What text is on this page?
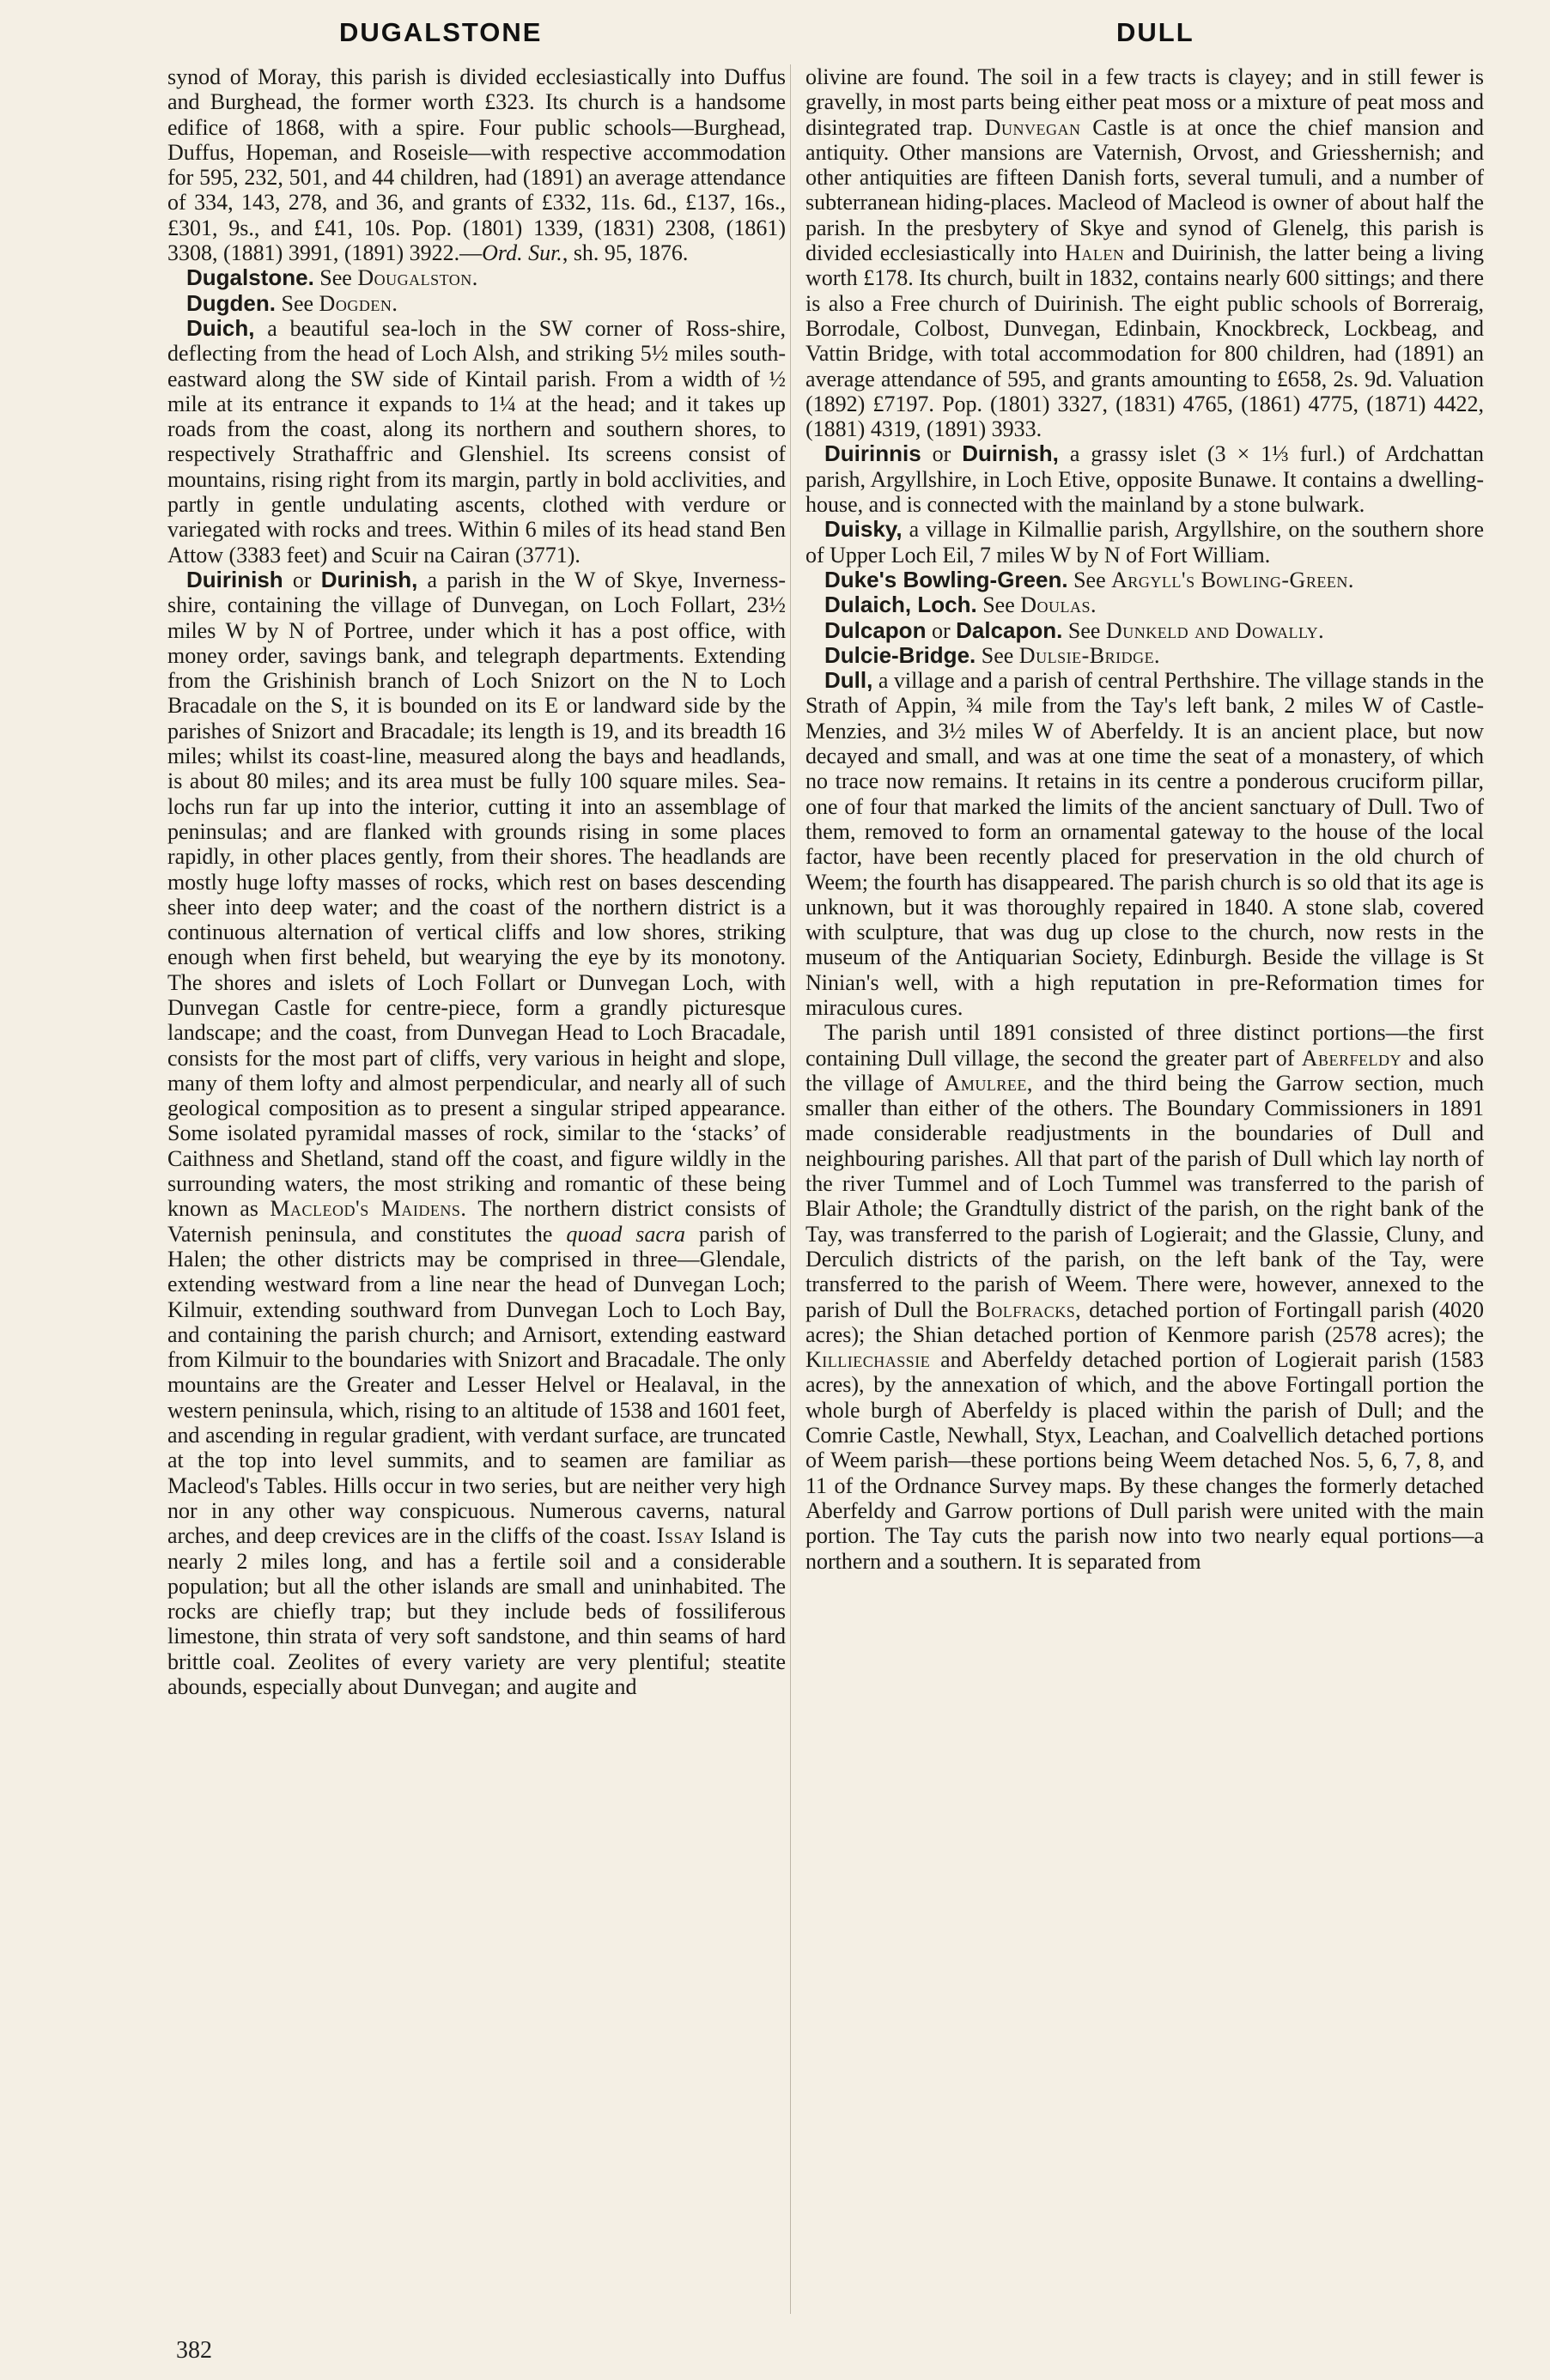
DUGALSTONE	DULL

synod of Moray, this parish is divided ecclesiastically into Duffus and Burghead, the former worth £323. Its church is a handsome edifice of 1868, with a spire. Four public schools—Burghead, Duffus, Hopeman, and Roseisle—with respective accommodation for 595, 232, 501, and 44 children, had (1891) an average attendance of 334, 143, 278, and 36, and grants of £332, 11s. 6d., £137, 16s., £301, 9s., and £41, 10s. Pop. (1801) 1339, (1831) 2308, (1861) 3308, (1881) 3991, (1891) 3922.—Ord. Sur., sh. 95, 1876.

Dugalstone. See Dougalston.

Dugden. See Dogden.

Duich, a beautiful sea-loch in the SW corner of Ross-shire, deflecting from the head of Loch Alsh, and striking 5½ miles south-eastward along the SW side of Kintail parish. From a width of ½ mile at its entrance it expands to 1¼ at the head; and it takes up roads from the coast, along its northern and southern shores, to respectively Strathaffric and Glenshiel. Its screens consist of mountains, rising right from its margin, partly in bold acclivities, and partly in gentle undulating ascents, clothed with verdure or variegated with rocks and trees. Within 6 miles of its head stand Ben Attow (3383 feet) and Scuir na Cairan (3771).

Duirinish or Durinish, a parish in the W of Skye, Inverness-shire, containing the village of Dunvegan, on Loch Follart, 23½ miles W by N of Portree, under which it has a post office, with money order, savings bank, and telegraph departments. Extending from the Grishinish branch of Loch Snizort on the N to Loch Bracadale on the S, it is bounded on its E or landward side by the parishes of Snizort and Bracadale; its length is 19, and its breadth 16 miles; whilst its coast-line, measured along the bays and headlands, is about 80 miles; and its area must be fully 100 square miles. Sea-lochs run far up into the interior, cutting it into an assemblage of peninsulas; and are flanked with grounds rising in some places rapidly, in other places gently, from their shores. The headlands are mostly huge lofty masses of rocks, which rest on bases descending sheer into deep water; and the coast of the northern district is a continuous alternation of vertical cliffs and low shores, striking enough when first beheld, but wearying the eye by its monotony. The shores and islets of Loch Follart or Dunvegan Loch, with Dunvegan Castle for centre-piece, form a grandly picturesque landscape; and the coast, from Dunvegan Head to Loch Bracadale, consists for the most part of cliffs, very various in height and slope, many of them lofty and almost perpendicular, and nearly all of such geological composition as to present a singular striped appearance. Some isolated pyramidal masses of rock, similar to the ‘stacks’ of Caithness and Shetland, stand off the coast, and figure wildly in the surrounding waters, the most striking and romantic of these being known as Macleod's Maidens. The northern district consists of Vaternish peninsula, and constitutes the quoad sacra parish of Halen; the other districts may be comprised in three—Glendale, extending westward from a line near the head of Dunvegan Loch; Kilmuir, extending southward from Dunvegan Loch to Loch Bay, and containing the parish church; and Arnisort, extending eastward from Kilmuir to the boundaries with Snizort and Bracadale. The only mountains are the Greater and Lesser Helvel or Healaval, in the western peninsula, which, rising to an altitude of 1538 and 1601 feet, and ascending in regular gradient, with verdant surface, are truncated at the top into level summits, and to seamen are familiar as Macleod's Tables. Hills occur in two series, but are neither very high nor in any other way conspicuous. Numerous caverns, natural arches, and deep crevices are in the cliffs of the coast. Issay Island is nearly 2 miles long, and has a fertile soil and a considerable population; but all the other islands are small and uninhabited. The rocks are chiefly trap; but they include beds of fossiliferous limestone, thin strata of very soft sandstone, and thin seams of hard brittle coal. Zeolites of every variety are very plentiful; steatite abounds, especially about Dunvegan; and augite and

olivine are found. The soil in a few tracts is clayey; and in still fewer is gravelly, in most parts being either peat moss or a mixture of peat moss and disintegrated trap. Dunvegan Castle is at once the chief mansion and antiquity. Other mansions are Vaternish, Orvost, and Griesshernish; and other antiquities are fifteen Danish forts, several tumuli, and a number of subterranean hiding-places. Macleod of Macleod is owner of about half the parish. In the presbytery of Skye and synod of Glenelg, this parish is divided ecclesiastically into Halen and Duirinish, the latter being a living worth £178. Its church, built in 1832, contains nearly 600 sittings; and there is also a Free church of Duirinish. The eight public schools of Borreraig, Borrodale, Colbost, Dunvegan, Edinbain, Knockbreck, Lockbeag, and Vattin Bridge, with total accommodation for 800 children, had (1891) an average attendance of 595, and grants amounting to £658, 2s. 9d. Valuation (1892) £7197. Pop. (1801) 3327, (1831) 4765, (1861) 4775, (1871) 4422, (1881) 4319, (1891) 3933.

Duirinnis or Duirnish, a grassy islet (3 × 1⅓ furl.) of Ardchattan parish, Argyllshire, in Loch Etive, opposite Bunawe. It contains a dwelling-house, and is connected with the mainland by a stone bulwark.

Duisky, a village in Kilmallie parish, Argyllshire, on the southern shore of Upper Loch Eil, 7 miles W by N of Fort William.

Duke's Bowling-Green. See Argyll's Bowling-Green.

Dulaich, Loch. See Doulas.

Dulcapon or Dalcapon. See Dunkeld and Dowally.

Dulcie-Bridge. See Dulsie-Bridge.

Dull, a village and a parish of central Perthshire. The village stands in the Strath of Appin, ¾ mile from the Tay's left bank, 2 miles W of Castle-Menzies, and 3½ miles W of Aberfeldy. It is an ancient place, but now decayed and small, and was at one time the seat of a monastery, of which no trace now remains. It retains in its centre a ponderous cruciform pillar, one of four that marked the limits of the ancient sanctuary of Dull. Two of them, removed to form an ornamental gateway to the house of the local factor, have been recently placed for preservation in the old church of Weem; the fourth has disappeared. The parish church is so old that its age is unknown, but it was thoroughly repaired in 1840. A stone slab, covered with sculpture, that was dug up close to the church, now rests in the museum of the Antiquarian Society, Edinburgh. Beside the village is St Ninian's well, with a high reputation in pre-Reformation times for miraculous cures.

The parish until 1891 consisted of three distinct portions—the first containing Dull village, the second the greater part of Aberfeldy and also the village of Amulree, and the third being the Garrow section, much smaller than either of the others. The Boundary Commissioners in 1891 made considerable readjustments in the boundaries of Dull and neighbouring parishes. All that part of the parish of Dull which lay north of the river Tummel and of Loch Tummel was transferred to the parish of Blair Athole; the Grandtully district of the parish, on the right bank of the Tay, was transferred to the parish of Logierait; and the Glassie, Cluny, and Derculich districts of the parish, on the left bank of the Tay, were transferred to the parish of Weem. There were, however, annexed to the parish of Dull the Bolfracks, detached portion of Fortingall parish (4020 acres); the Shian detached portion of Kenmore parish (2578 acres); the Killiechassie and Aberfeldy detached portion of Logierait parish (1583 acres), by the annexation of which, and the above Fortingall portion the whole burgh of Aberfeldy is placed within the parish of Dull; and the Comrie Castle, Newhall, Styx, Leachan, and Coalvellich detached portions of Weem parish—these portions being Weem detached Nos. 5, 6, 7, 8, and 11 of the Ordnance Survey maps. By these changes the formerly detached Aberfeldy and Garrow portions of Dull parish were united with the main portion. The Tay cuts the parish now into two nearly equal portions—a northern and a southern. It is separated from

382
